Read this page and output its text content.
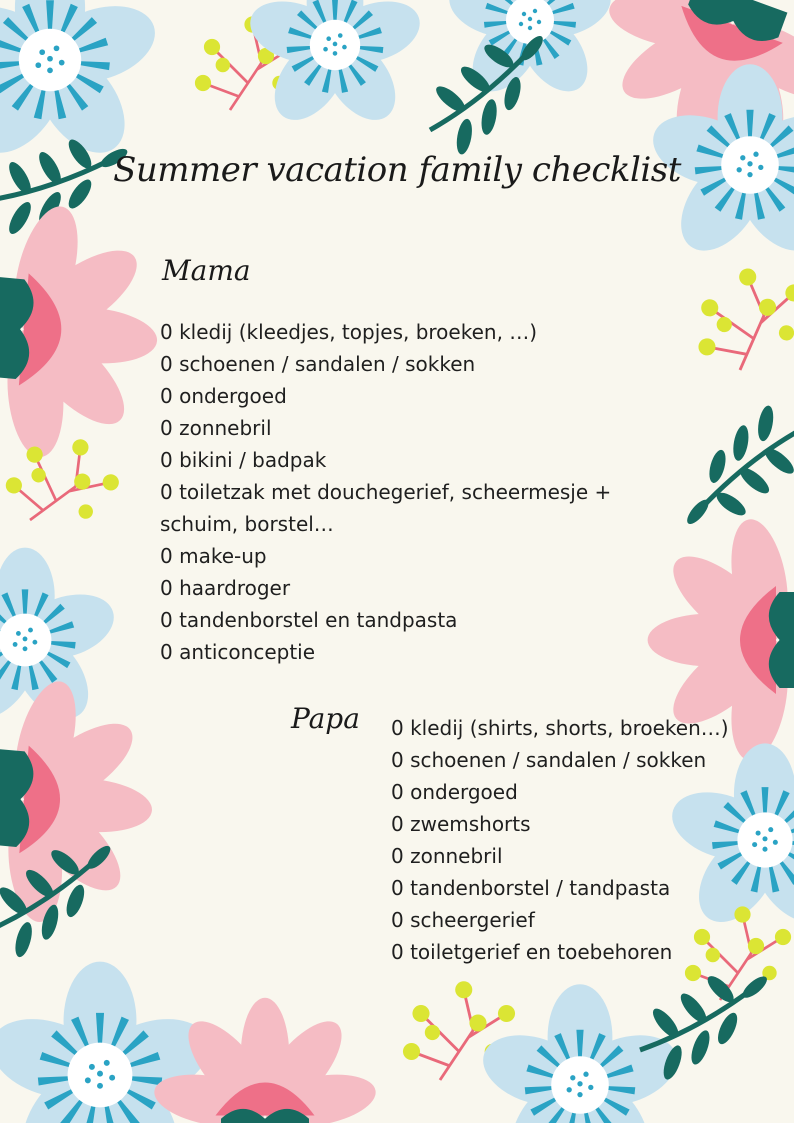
Summer vacation family checklist
Mama
0 kledij (kleedjes, topjes, broeken, …)
0 schoenen / sandalen / sokken
0 ondergoed
0 zonnebril
0 bikini / badpak
0 toiletzak met douchegerief, scheermesje +
schuim, borstel…
0 make-up
0 haardroger
0 tandenborstel en tandpasta
0 anticonceptie
Papa 0 kledij (shirts, shorts, broeken…)
0 schoenen / sandalen / sokken
0 ondergoed
0 zwemshorts
0 zonnebril
0 tandenborstel / tandpasta
0 scheergerief
0 toiletgerief en toebehoren
